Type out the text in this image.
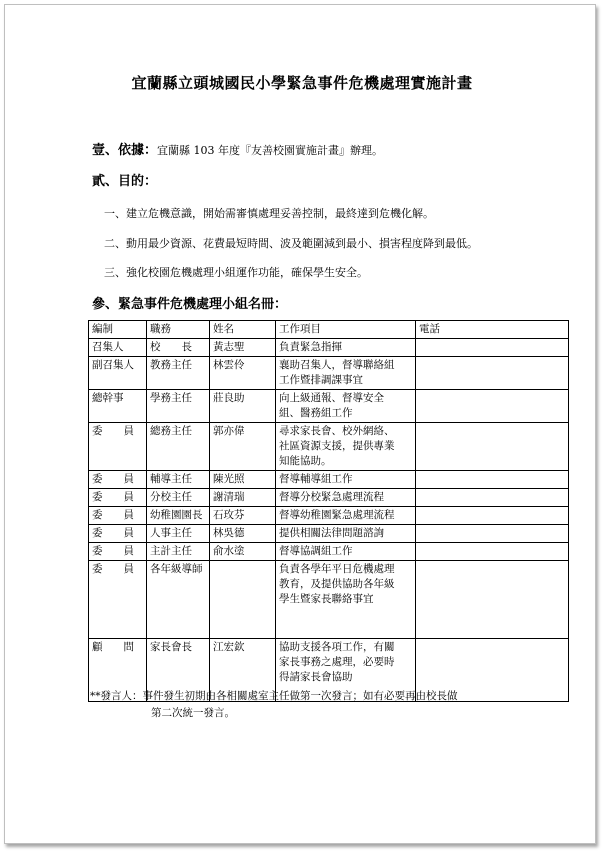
宜蘭縣立頭城國民小學緊急事件危機處理實施計畫
壹、依據：宜蘭縣 103 年度『友善校園實施計畫』辦理。
貳、目的：
一、建立危機意識，開始需審慎處理妥善控制，最終達到危機化解。
二、動用最少資源、花費最短時間、波及範圍減到最小、損害程度降到最低。
三、強化校園危機處理小組運作功能，確保學生安全。
參、緊急事件危機處理小組名冊：
編制	職務	姓名	工作項目	電話
召集人	校　　長	黃志聖	負責緊急指揮	
副召集人	教務主任	林雲伶	襄助召集人，督導聯絡組
工作暨排調課事宜	
總幹事	學務主任	莊良助	向上級通報、督導安全
組、醫務組工作	
委　　員	總務主任	郭亦偉	尋求家長會、校外網絡、
社區資源支援，提供專業
知能協助。	
委　　員	輔導主任	陳光照	督導輔導組工作	
委　　員	分校主任	謝清瑞	督導分校緊急處理流程	
委　　員	幼稚園園長	石玫芬	督導幼稚園緊急處理流程	
委　　員	人事主任	林吳德	提供相關法律問題諮詢	
委　　員	主計主任	俞水塗	督導協調組工作	
委　　員	各年級導師		負責各學年平日危機處理
教育，及提供協助各年級
學生暨家長聯絡事宜	
顧　　問	家長會長	江宏欽	協助支援各項工作，有關
家長事務之處理，必要時
得請家長會協助	
**發言人：事件發生初期由各相關處室主任做第一次發言；如有必要再由校長做
第二次統一發言。
